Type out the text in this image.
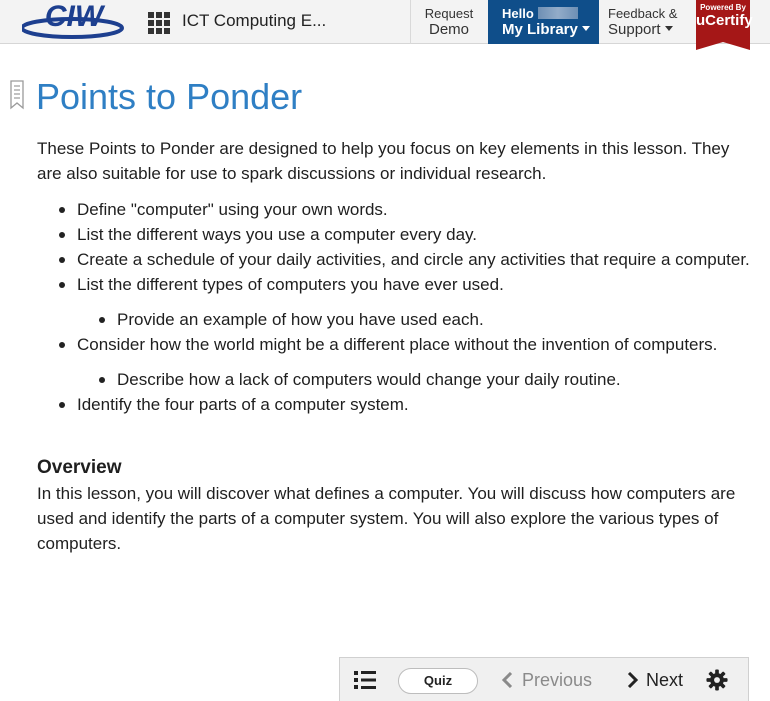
CIW	ICT Computing E...	Request
Demo
Hello
My Library
Feedback &
Support
Powered By
uCertify
Points to Ponder

These Points to Ponder are designed to help you focus on key elements in this lesson. They are also suitable for use to spark discussions or individual research.

Define "computer" using your own words.
List the different ways you use a computer every day.
Create a schedule of your daily activities, and circle any activities that require a computer.
List the different types of computers you have ever used.
Provide an example of how you have used each.
Consider how the world might be a different place without the invention of computers.
Describe how a lack of computers would change your daily routine.
Identify the four parts of a computer system.
Overview

In this lesson, you will discover what defines a computer. You will discuss how computers are used and identify the parts of a computer system. You will also explore the various types of computers.

Quiz	Previous	Next
